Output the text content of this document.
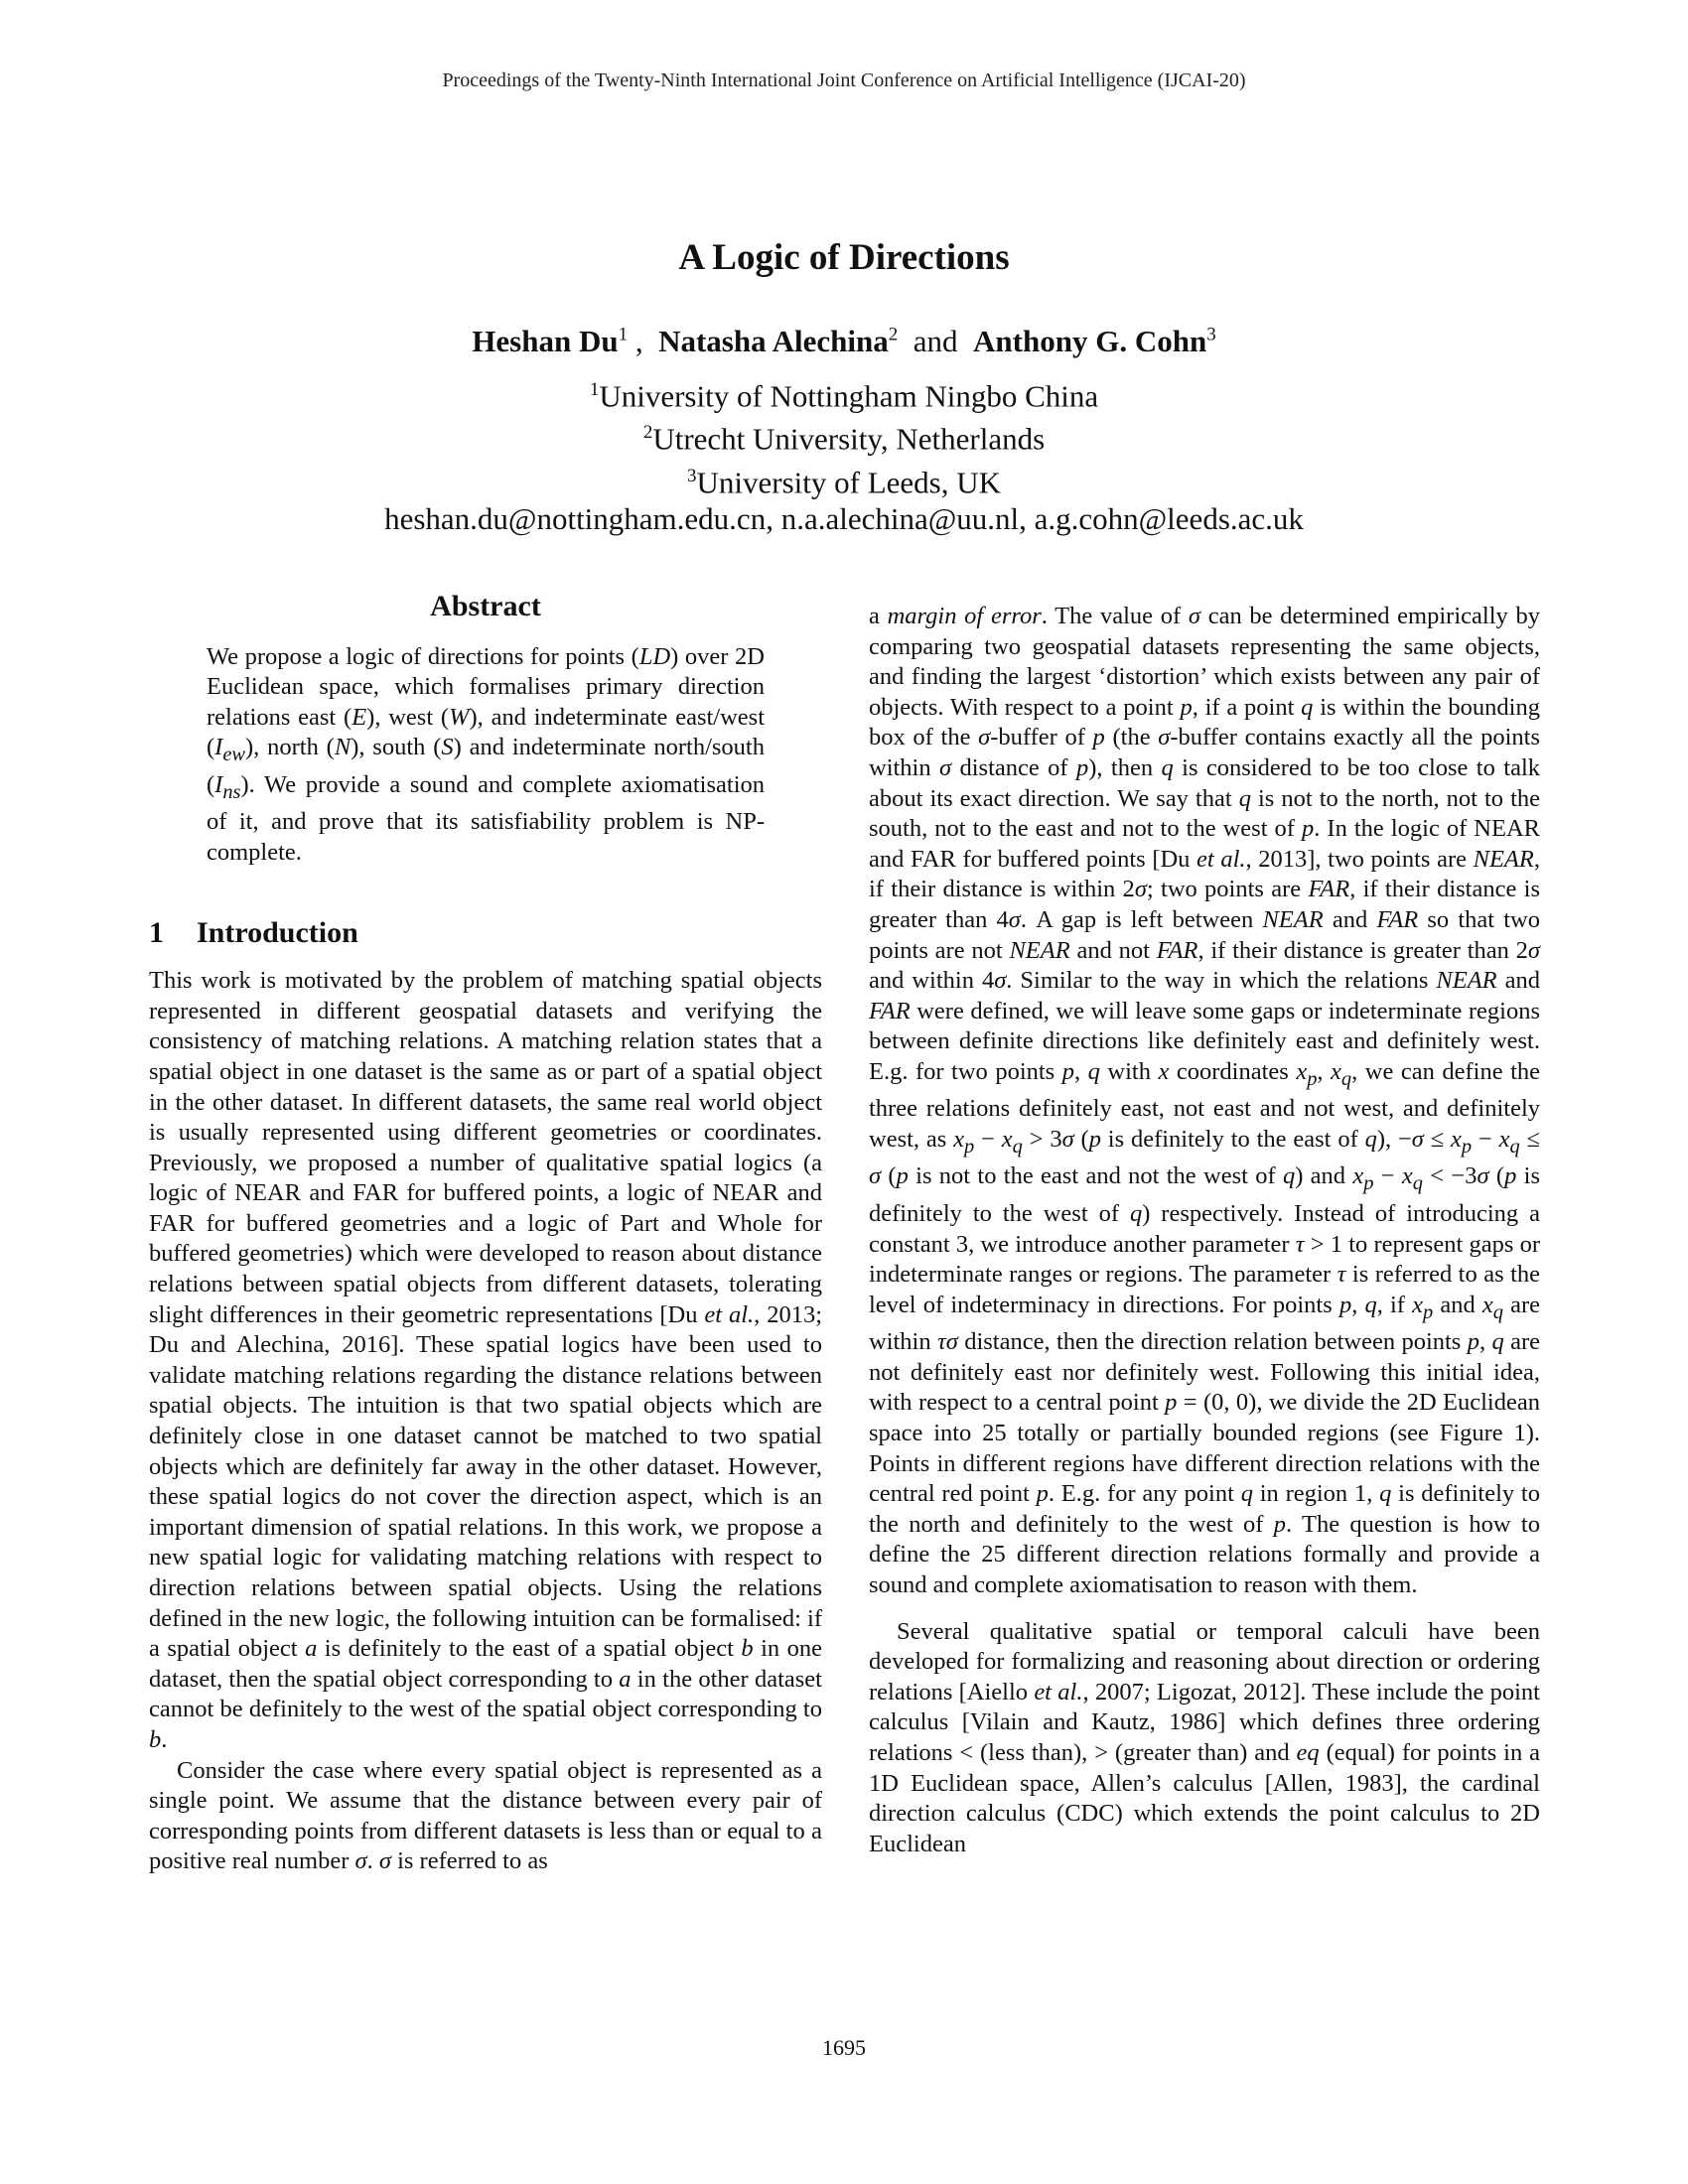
Proceedings of the Twenty-Ninth International Joint Conference on Artificial Intelligence (IJCAI-20)
A Logic of Directions
Heshan Du$^1$ , Natasha Alechina$^2$ and Anthony G. Cohn$^3$
$^1$University of Nottingham Ningbo China
$^2$Utrecht University, Netherlands
$^3$University of Leeds, UK
heshan.du@nottingham.edu.cn, n.a.alechina@uu.nl, a.g.cohn@leeds.ac.uk
Abstract
We propose a logic of directions for points (LD) over 2D Euclidean space, which formalises primary direction relations east (E), west (W), and indeterminate east/west $(I_{ew})$, north (N), south (S) and indeterminate north/south $(I_{ns})$. We provide a sound and complete axiomatisation of it, and prove that its satisfiability problem is NP-complete.
1 Introduction

This work is motivated by the problem of matching spatial objects represented in different geospatial datasets and verifying the consistency of matching relations. A matching relation states that a spatial object in one dataset is the same as or part of a spatial object in the other dataset. In different datasets, the same real world object is usually represented using different geometries or coordinates. Previously, we proposed a number of qualitative spatial logics (a logic of NEAR and FAR for buffered points, a logic of NEAR and FAR for buffered geometries and a logic of Part and Whole for buffered geometries) which were developed to reason about distance relations between spatial objects from different datasets, tolerating slight differences in their geometric representations [Du et al., 2013; Du and Alechina, 2016]. These spatial logics have been used to validate matching relations regarding the distance relations between spatial objects. The intuition is that two spatial objects which are definitely close in one dataset cannot be matched to two spatial objects which are definitely far away in the other dataset. However, these spatial logics do not cover the direction aspect, which is an important dimension of spatial relations. In this work, we propose a new spatial logic for validating matching relations with respect to direction relations between spatial objects. Using the relations defined in the new logic, the following intuition can be formalised: if a spatial object a is definitely to the east of a spatial object b in one dataset, then the spatial object corresponding to a in the other dataset cannot be definitely to the west of the spatial object corresponding to b.

Consider the case where every spatial object is represented as a single point. We assume that the distance between every pair of corresponding points from different datasets is less than or equal to a positive real number σ. σ is referred to as

a margin of error. The value of σ can be determined empirically by comparing two geospatial datasets representing the same objects, and finding the largest ‘distortion’ which exists between any pair of objects. With respect to a point p, if a point q is within the bounding box of the σ-buffer of p (the σ-buffer contains exactly all the points within σ distance of p), then q is considered to be too close to talk about its exact direction. We say that q is not to the north, not to the south, not to the east and not to the west of p. In the logic of NEAR and FAR for buffered points [Du et al., 2013], two points are NEAR, if their distance is within 2σ; two points are FAR, if their distance is greater than 4σ. A gap is left between NEAR and FAR so that two points are not NEAR and not FAR, if their distance is greater than 2σ and within 4σ. Similar to the way in which the relations NEAR and FAR were defined, we will leave some gaps or indeterminate regions between definite directions like definitely east and definitely west. E.g. for two points p, q with x coordinates $x_p$, $x_q$, we can define the three relations definitely east, not east and not west, and definitely west, as $x_p - x_q > 3\sigma$ (p is definitely to the east of q), $-\sigma \le x_p - x_q \le \sigma$ (p is not to the east and not the west of q) and $x_p - x_q < -3\sigma$ (p is definitely to the west of q) respectively. Instead of introducing a constant 3, we introduce another parameter τ > 1 to represent gaps or indeterminate ranges or regions. The parameter τ is referred to as the level of indeterminacy in directions. For points p, q, if $x_p$ and $x_q$ are within τσ distance, then the direction relation between points p, q are not definitely east nor definitely west. Following this initial idea, with respect to a central point p = (0, 0), we divide the 2D Euclidean space into 25 totally or partially bounded regions (see Figure 1). Points in different regions have different direction relations with the central red point p. E.g. for any point q in region 1, q is definitely to the north and definitely to the west of p. The question is how to define the 25 different direction relations formally and provide a sound and complete axiomatisation to reason with them.

Several qualitative spatial or temporal calculi have been developed for formalizing and reasoning about direction or ordering relations [Aiello et al., 2007; Ligozat, 2012]. These include the point calculus [Vilain and Kautz, 1986] which defines three ordering relations < (less than), > (greater than) and eq (equal) for points in a 1D Euclidean space, Allen’s calculus [Allen, 1983], the cardinal direction calculus (CDC) which extends the point calculus to 2D Euclidean

1695
